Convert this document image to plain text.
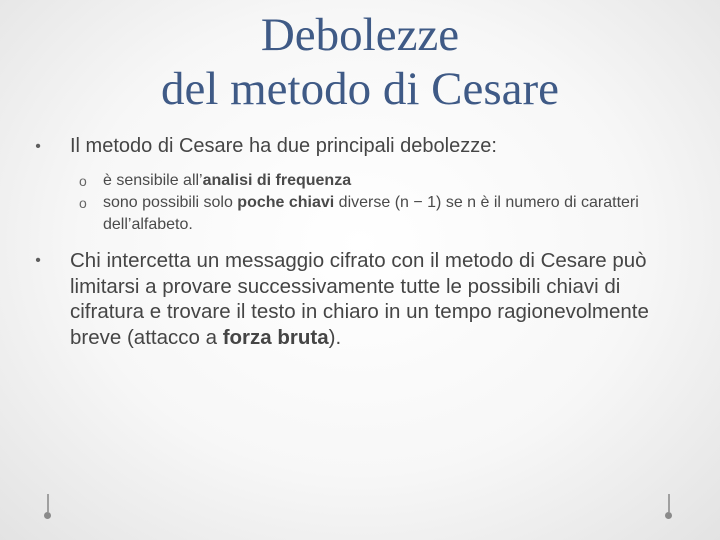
Debolezze
del metodo di Cesare
•	Il metodo di Cesare ha due principali debolezze:
o è sensibile all’analisi di frequenza
o sono possibili solo poche chiavi diverse (n − 1) se n è il numero di caratteri dell’alfabeto.
•	Chi intercetta un messaggio cifrato con il metodo di Cesare può limitarsi a provare successivamente tutte le possibili chiavi di cifratura e trovare il testo in chiaro in un tempo ragionevolmente breve (attacco a forza bruta).
